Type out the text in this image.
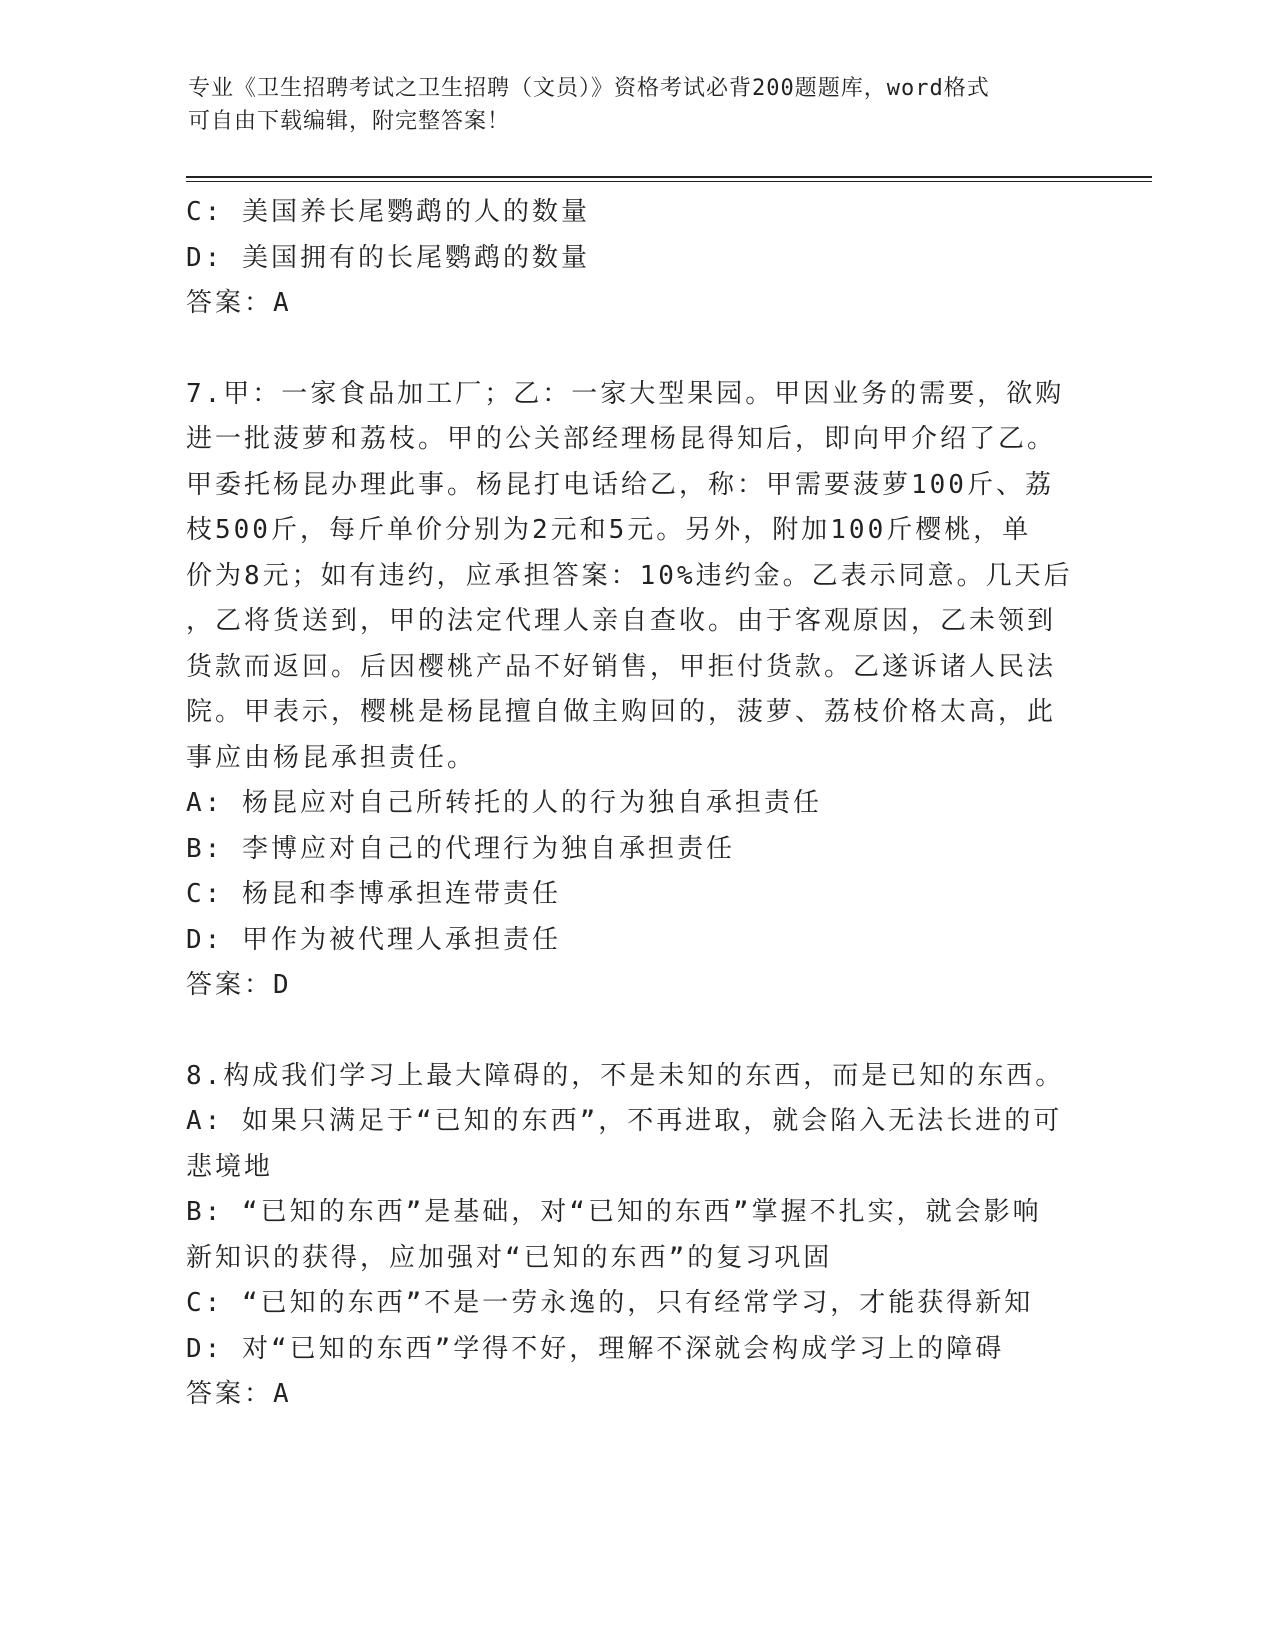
专业《卫生招聘考试之卫生招聘（文员）》资格考试必背200题题库，word格式
可自由下载编辑，附完整答案！
C: 美国养长尾鹦鹉的人的数量
D: 美国拥有的长尾鹦鹉的数量
答案：A
7.甲：一家食品加工厂；乙：一家大型果园。甲因业务的需要，欲购
进一批菠萝和荔枝。甲的公关部经理杨昆得知后，即向甲介绍了乙。
甲委托杨昆办理此事。杨昆打电话给乙，称：甲需要菠萝100斤、荔
枝500斤，每斤单价分别为2元和5元。另外，附加100斤樱桃，单
价为8元；如有违约，应承担答案：10%违约金。乙表示同意。几天后
，乙将货送到，甲的法定代理人亲自查收。由于客观原因，乙未领到
货款而返回。后因樱桃产品不好销售，甲拒付货款。乙遂诉诸人民法
院。甲表示，樱桃是杨昆擅自做主购回的，菠萝、荔枝价格太高，此
事应由杨昆承担责任。
A: 杨昆应对自己所转托的人的行为独自承担责任
B: 李博应对自己的代理行为独自承担责任
C: 杨昆和李博承担连带责任
D: 甲作为被代理人承担责任
答案：D
8.构成我们学习上最大障碍的，不是未知的东西，而是已知的东西。
A: 如果只满足于“已知的东西”，不再进取，就会陷入无法长进的可
悲境地
B: “已知的东西”是基础，对“已知的东西”掌握不扎实，就会影响
新知识的获得，应加强对“已知的东西”的复习巩固
C: “已知的东西”不是一劳永逸的，只有经常学习，才能获得新知
D: 对“已知的东西”学得不好，理解不深就会构成学习上的障碍
答案：A
